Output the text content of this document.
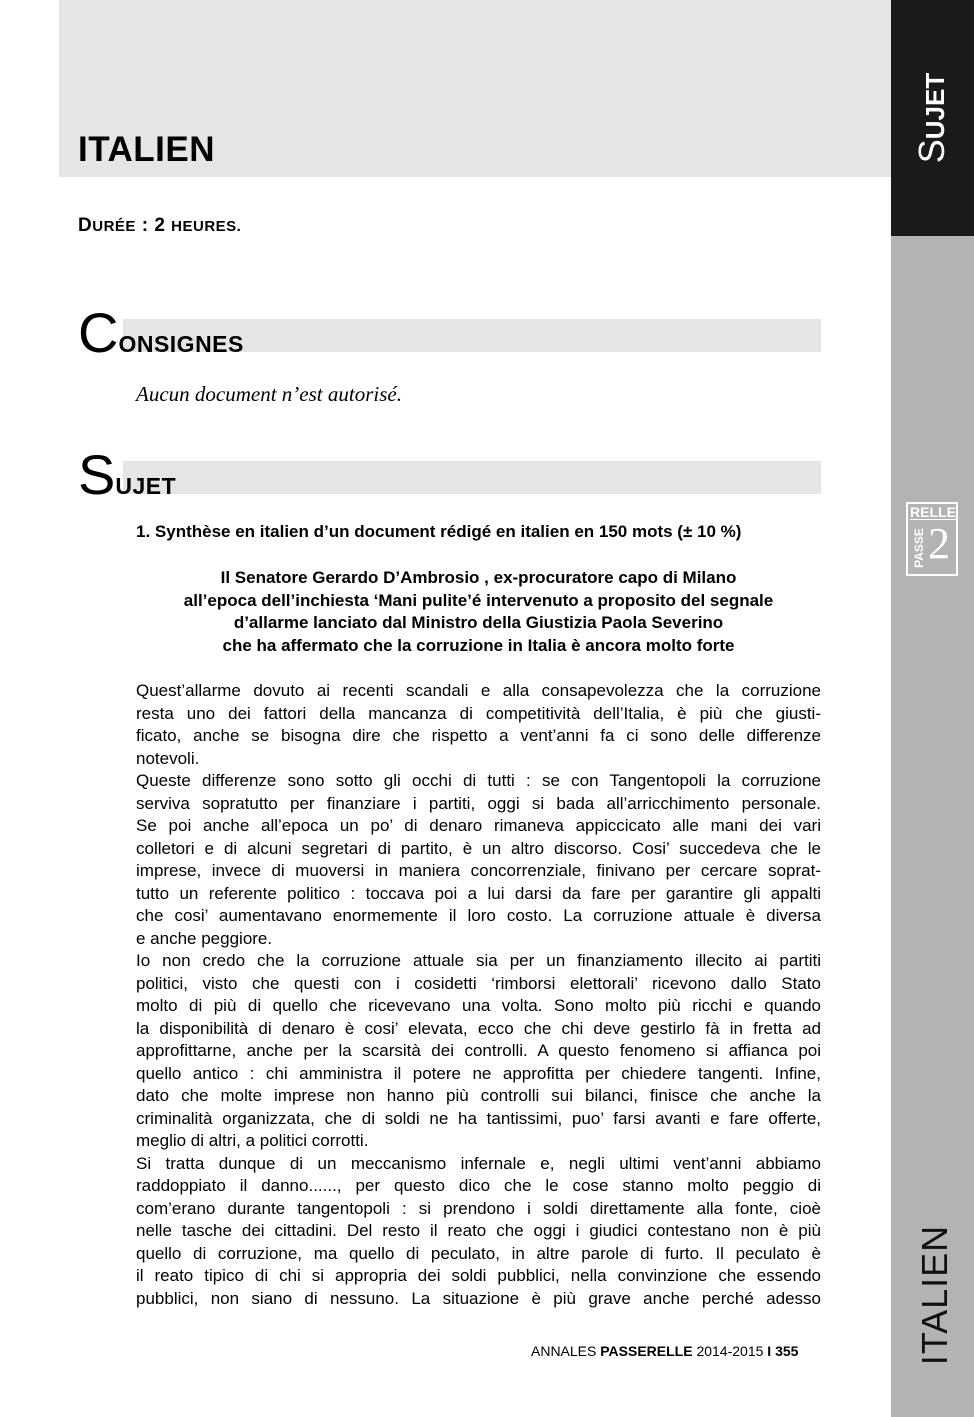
ITALIEN	SUJET
RELLE
PASSE 2
ITALIEN
DURÉE : 2 HEURES.
CONSIGNES
Aucun document n’est autorisé.
SUJET
1. Synthèse en italien d’un document rédigé en italien en 150 mots (± 10 %)
Il Senatore Gerardo D’Ambrosio , ex-procuratore capo di Milano
all’epoca dell’inchiesta ‘Mani pulite’é intervenuto a proposito del segnale
d’allarme lanciato dal Ministro della Giustizia Paola Severino
che ha affermato che la corruzione in Italia è ancora molto forte
Quest’allarme dovuto ai recenti scandali e alla consapevolezza che la corruzione
resta uno dei fattori della mancanza di competitività dell’Italia, è più che giusti-
ficato, anche se bisogna dire che rispetto a vent’anni fa ci sono delle differenze
notevoli.
Queste differenze sono sotto gli occhi di tutti : se con Tangentopoli la corruzione
serviva sopratutto per finanziare i partiti, oggi si bada all’arricchimento personale.
Se poi anche all’epoca un po’ di denaro rimaneva appiccicato alle mani dei vari
colletori e di alcuni segretari di partito, è un altro discorso. Cosi’ succedeva che le
imprese, invece di muoversi in maniera concorrenziale, finivano per cercare soprat-
tutto un referente politico : toccava poi a lui darsi da fare per garantire gli appalti
che cosi’ aumentavano enormemente il loro costo. La corruzione attuale è diversa
e anche peggiore.
Io non credo che la corruzione attuale sia per un finanziamento illecito ai partiti
politici, visto che questi con i cosidetti ‘rimborsi elettorali’ ricevono dallo Stato
molto di più di quello che ricevevano una volta. Sono molto più ricchi e quando
la disponibilità di denaro è cosi’ elevata, ecco che chi deve gestirlo fà in fretta ad
approfittarne, anche per la scarsità dei controlli. A questo fenomeno si affianca poi
quello antico : chi amministra il potere ne approfitta per chiedere tangenti. Infine,
dato che molte imprese non hanno più controlli sui bilanci, finisce che anche la
criminalità organizzata, che di soldi ne ha tantissimi, puo’ farsi avanti e fare offerte,
meglio di altri, a politici corrotti.
Si tratta dunque di un meccanismo infernale e, negli ultimi vent’anni abbiamo
raddoppiato il danno......, per questo dico che le cose stanno molto peggio di
com’erano durante tangentopoli : si prendono i soldi direttamente alla fonte, cioè
nelle tasche dei cittadini. Del resto il reato che oggi i giudici contestano non è più
quello di corruzione, ma quello di peculato, in altre parole di furto. Il peculato è
il reato tipico di chi si appropria dei soldi pubblici, nella convinzione che essendo
pubblici, non siano di nessuno. La situazione è più grave anche perché adesso
ANNALES PASSERELLE 2014-2015 I 355
